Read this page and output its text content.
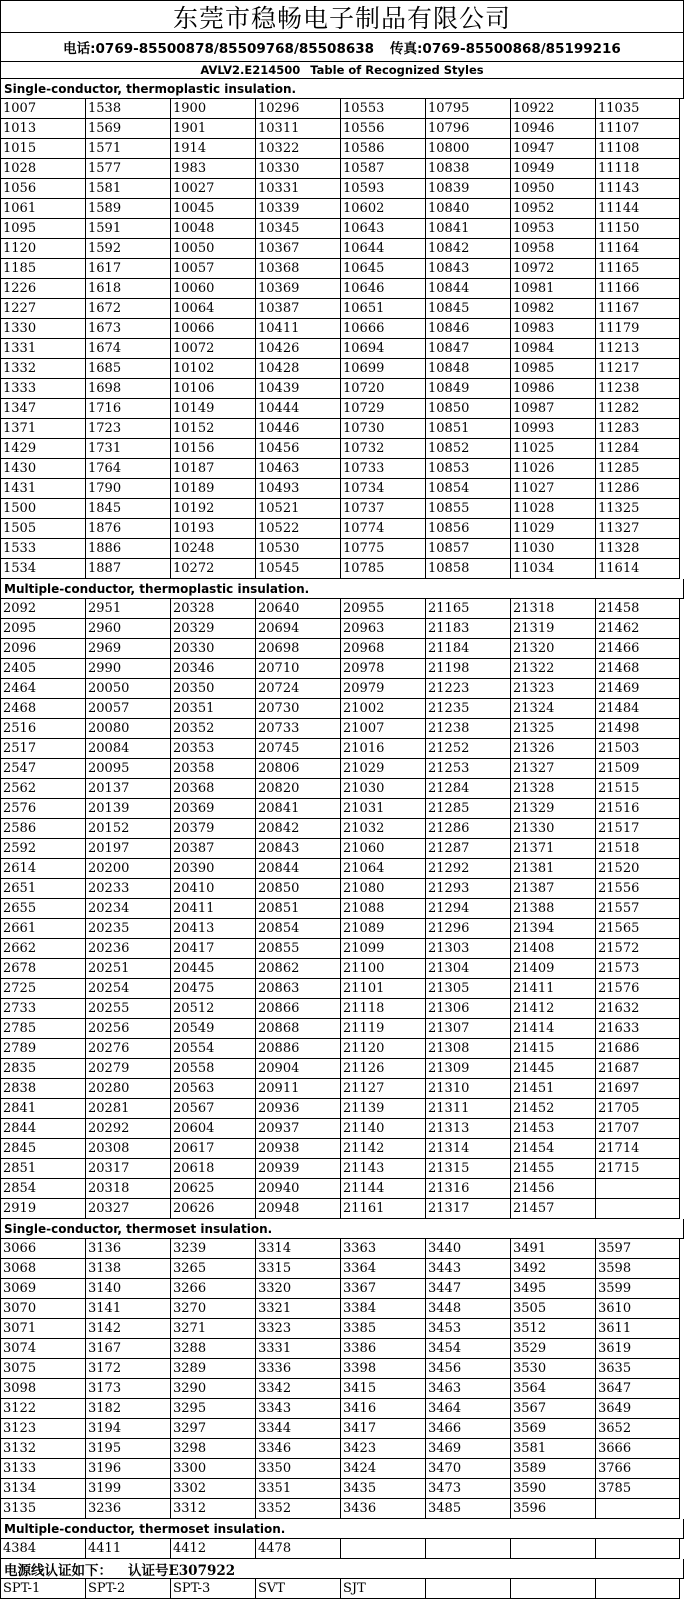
东莞市稳畅电子制品有限公司
电话:0769-85500878/85509768/85508638 传真:0769-85500868/85199216
AVLV2.E214500 Table of Recognized Styles
Single-conductor, thermoplastic insulation.
1007	1538	1900	10296	10553	10795	10922	11035
1013	1569	1901	10311	10556	10796	10946	11107
1015	1571	1914	10322	10586	10800	10947	11108
1028	1577	1983	10330	10587	10838	10949	11118
1056	1581	10027	10331	10593	10839	10950	11143
1061	1589	10045	10339	10602	10840	10952	11144
1095	1591	10048	10345	10643	10841	10953	11150
1120	1592	10050	10367	10644	10842	10958	11164
1185	1617	10057	10368	10645	10843	10972	11165
1226	1618	10060	10369	10646	10844	10981	11166
1227	1672	10064	10387	10651	10845	10982	11167
1330	1673	10066	10411	10666	10846	10983	11179
1331	1674	10072	10426	10694	10847	10984	11213
1332	1685	10102	10428	10699	10848	10985	11217
1333	1698	10106	10439	10720	10849	10986	11238
1347	1716	10149	10444	10729	10850	10987	11282
1371	1723	10152	10446	10730	10851	10993	11283
1429	1731	10156	10456	10732	10852	11025	11284
1430	1764	10187	10463	10733	10853	11026	11285
1431	1790	10189	10493	10734	10854	11027	11286
1500	1845	10192	10521	10737	10855	11028	11325
1505	1876	10193	10522	10774	10856	11029	11327
1533	1886	10248	10530	10775	10857	11030	11328
1534	1887	10272	10545	10785	10858	11034	11614
Multiple-conductor, thermoplastic insulation.
2092	2951	20328	20640	20955	21165	21318	21458
2095	2960	20329	20694	20963	21183	21319	21462
2096	2969	20330	20698	20968	21184	21320	21466
2405	2990	20346	20710	20978	21198	21322	21468
2464	20050	20350	20724	20979	21223	21323	21469
2468	20057	20351	20730	21002	21235	21324	21484
2516	20080	20352	20733	21007	21238	21325	21498
2517	20084	20353	20745	21016	21252	21326	21503
2547	20095	20358	20806	21029	21253	21327	21509
2562	20137	20368	20820	21030	21284	21328	21515
2576	20139	20369	20841	21031	21285	21329	21516
2586	20152	20379	20842	21032	21286	21330	21517
2592	20197	20387	20843	21060	21287	21371	21518
2614	20200	20390	20844	21064	21292	21381	21520
2651	20233	20410	20850	21080	21293	21387	21556
2655	20234	20411	20851	21088	21294	21388	21557
2661	20235	20413	20854	21089	21296	21394	21565
2662	20236	20417	20855	21099	21303	21408	21572
2678	20251	20445	20862	21100	21304	21409	21573
2725	20254	20475	20863	21101	21305	21411	21576
2733	20255	20512	20866	21118	21306	21412	21632
2785	20256	20549	20868	21119	21307	21414	21633
2789	20276	20554	20886	21120	21308	21415	21686
2835	20279	20558	20904	21126	21309	21445	21687
2838	20280	20563	20911	21127	21310	21451	21697
2841	20281	20567	20936	21139	21311	21452	21705
2844	20292	20604	20937	21140	21313	21453	21707
2845	20308	20617	20938	21142	21314	21454	21714
2851	20317	20618	20939	21143	21315	21455	21715
2854	20318	20625	20940	21144	21316	21456
2919	20327	20626	20948	21161	21317	21457
Single-conductor, thermoset insulation.
3066	3136	3239	3314	3363	3440	3491	3597
3068	3138	3265	3315	3364	3443	3492	3598
3069	3140	3266	3320	3367	3447	3495	3599
3070	3141	3270	3321	3384	3448	3505	3610
3071	3142	3271	3323	3385	3453	3512	3611
3074	3167	3288	3331	3386	3454	3529	3619
3075	3172	3289	3336	3398	3456	3530	3635
3098	3173	3290	3342	3415	3463	3564	3647
3122	3182	3295	3343	3416	3464	3567	3649
3123	3194	3297	3344	3417	3466	3569	3652
3132	3195	3298	3346	3423	3469	3581	3666
3133	3196	3300	3350	3424	3470	3589	3766
3134	3199	3302	3351	3435	3473	3590	3785
3135	3236	3312	3352	3436	3485	3596
Multiple-conductor, thermoset insulation.
4384	4411	4412	4478
电源线认证如下： 认证号E307922
SPT-1	SPT-2	SPT-3	SVT	SJT
